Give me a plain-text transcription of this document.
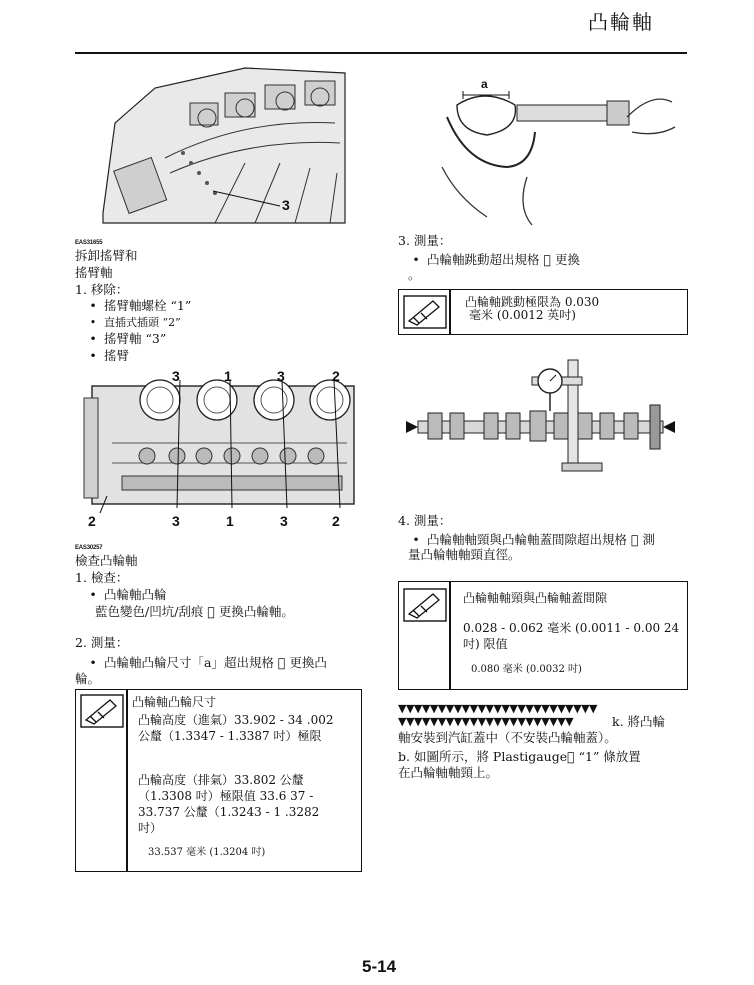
凸輪軸
3
EAS31655
拆卸搖臂和
搖臂軸
1. 移除：
• 搖臂軸螺栓 “1”
• 直插式插頭 “2”
• 搖臂軸 “3”
• 搖臂
3	1	3	2
2	3	1	3	2
EAS30257
檢查凸輪軸
1. 檢查：
• 凸輪軸凸輪
藍色變色/凹坑/刮痕 更換凸輪軸。
2. 測量：
• 凸輪軸凸輪尺寸「a」超出規格 更換凸
輪。
凸輪軸凸輪尺寸
凸輪高度（進氣）33.902 - 34 .002 公釐（1.3347 - 1.3387 吋）極限
凸輪高度（排氣）33.802 公釐（1.3308 吋）極限值 33.6 37 - 33.737 公釐（1.3243 - 1 .3282 吋）
33.537 毫米 (1.3204 吋)
a
3. 測量：
• 凸輪軸跳動超出規格 更換
。
凸輪軸跳動極限為 0.030
毫米 (0.0012 英吋)
4. 測量：
• 凸輪軸軸頸與凸輪軸蓋間隙超出規格 測
量凸輪軸軸頸直徑。
凸輪軸軸頸與凸輪軸蓋間隙
0.028 - 0.062 毫米 (0.0011 - 0.00 24 吋) 限值
0.080 毫米 (0.0032 吋)
▼▼▼▼▼▼▼▼▼▼▼▼▼▼▼▼▼▼▼▼▼▼▼▼▼
▼▼▼▼▼▼▼▼▼▼▼▼▼▼▼▼▼▼▼▼▼▼	k. 將凸輪
軸安裝到汽缸蓋中（不安裝凸輪軸蓋）。
b. 如圖所示，將 Plastigauge “1” 條放置
在凸輪軸軸頸上。
5-14
